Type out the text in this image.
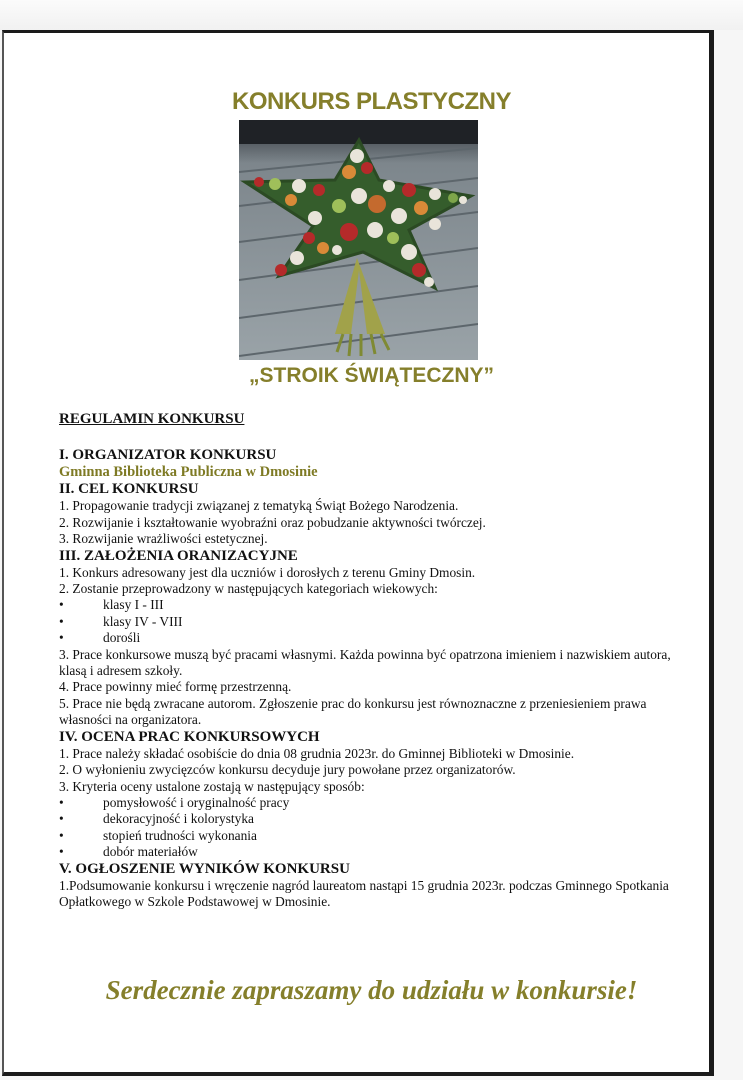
KONKURS PLASTYCZNY
„STROIK ŚWIĄTECZNY”
REGULAMIN KONKURSU
I. ORGANIZATOR KONKURSU
Gminna Biblioteka Publiczna w Dmosinie
II. CEL KONKURSU
1. Propagowanie tradycji związanej z tematyką Świąt Bożego Narodzenia.
2. Rozwijanie i kształtowanie wyobraźni oraz pobudzanie aktywności twórczej.
3. Rozwijanie wrażliwości estetycznej.
III. ZAŁOŻENIA ORANIZACYJNE
1. Konkurs adresowany jest dla uczniów i dorosłych z terenu Gminy Dmosin.
2. Zostanie przeprowadzony w następujących kategoriach wiekowych:
•	klasy I - III
•	klasy IV - VIII
•	dorośli
3. Prace konkursowe muszą być pracami własnymi. Każda powinna być opatrzona imieniem i nazwiskiem autora, klasą i adresem szkoły.
4. Prace powinny mieć formę przestrzenną.
5. Prace nie będą zwracane autorom. Zgłoszenie prac do konkursu jest równoznaczne z przeniesieniem prawa własności na organizatora.
IV. OCENA PRAC KONKURSOWYCH
1. Prace należy składać osobiście do dnia 08 grudnia 2023r. do Gminnej Biblioteki w Dmosinie.
2. O wyłonieniu zwycięzców konkursu decyduje jury powołane przez organizatorów.
3. Kryteria oceny ustalone zostają w następujący sposób:
•	pomysłowość i oryginalność pracy
•	dekoracyjność i kolorystyka
•	stopień trudności wykonania
•	dobór materiałów
V. OGŁOSZENIE WYNIKÓW KONKURSU
1.Podsumowanie konkursu i wręczenie nagród laureatom nastąpi 15 grudnia 2023r. podczas Gminnego Spotkania Opłatkowego w Szkole Podstawowej w Dmosinie.
Serdecznie zapraszamy do udziału w konkursie!
